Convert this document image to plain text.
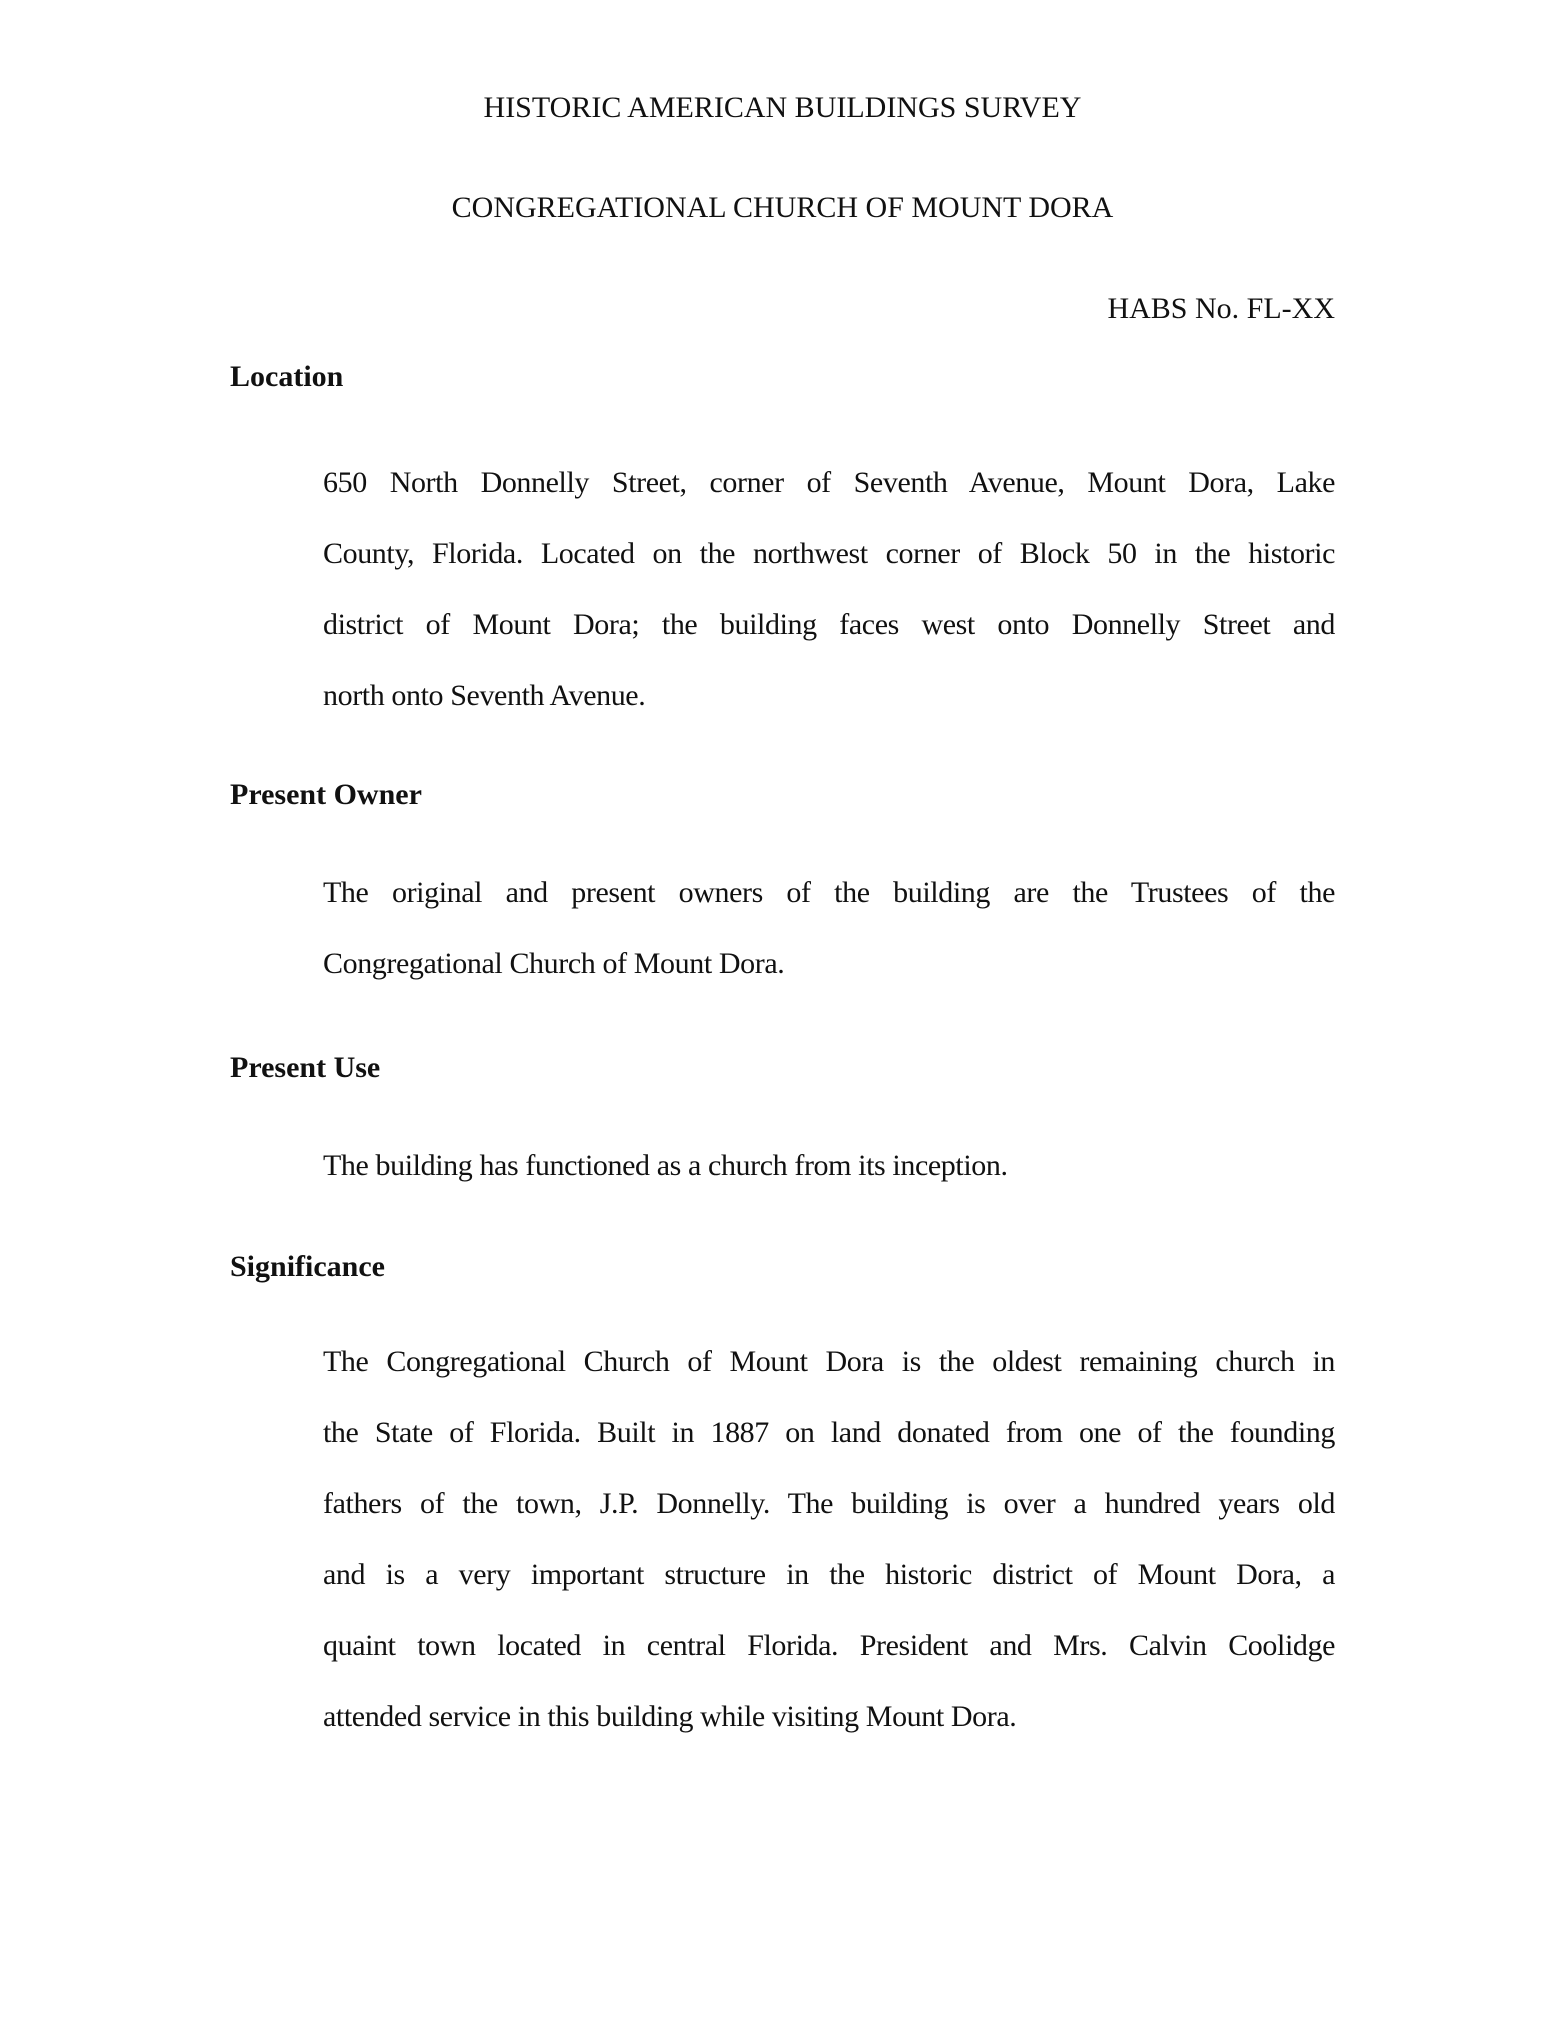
HISTORIC AMERICAN BUILDINGS SURVEY
CONGREGATIONAL CHURCH OF MOUNT DORA
HABS No. FL-XX
Location
650 North Donnelly Street, corner of Seventh Avenue, Mount Dora, Lake
County, Florida. Located on the northwest corner of Block 50 in the historic
district of Mount Dora; the building faces west onto Donnelly Street and
north onto Seventh Avenue.
Present Owner
The original and present owners of the building are the Trustees of the
Congregational Church of Mount Dora.
Present Use
The building has functioned as a church from its inception.
Significance
The Congregational Church of Mount Dora is the oldest remaining church in
the State of Florida. Built in 1887 on land donated from one of the founding
fathers of the town, J.P. Donnelly. The building is over a hundred years old
and is a very important structure in the historic district of Mount Dora, a
quaint town located in central Florida. President and Mrs. Calvin Coolidge
attended service in this building while visiting Mount Dora.
